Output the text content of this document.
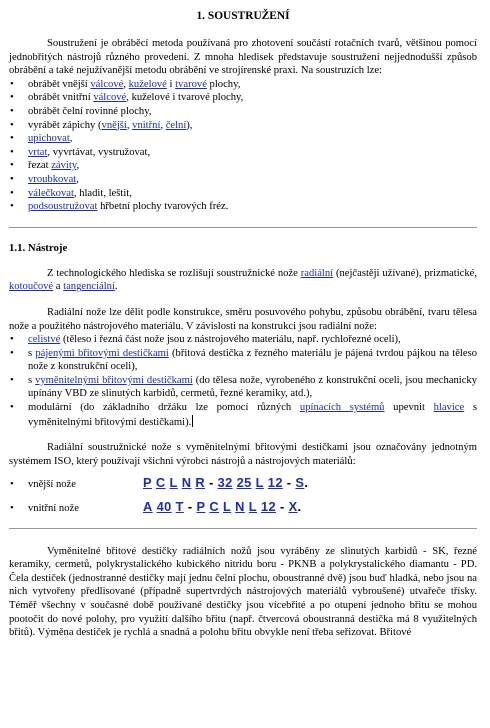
1. SOUSTRUŽENÍ

Soustružení je obráběcí metoda používaná pro zhotovení součástí rotačních tvarů, většinou pomocí jednobřitých nástrojů různého provedení. Z mnoha hledisek představuje soustružení nejjednodušší způsob obrábění a také nejužívanější metodu obrábění ve strojírenské praxi. Na soustruzích lze:

• obrábět vnější válcové, kuželové i tvarové plochy,
• obrábět vnitřní válcové, kuželové i tvarové plochy,
• obrábět čelní rovinné plochy,
• vyrábět zápichy (vnější, vnitřní, čelní),
• upichovat,
• vrtat, vyvrtávat, vystružovat,
• řezat závity,
• vroubkovat,
• válečkovat, hladit, leštit,
• podsoustružovat hřbetní plochy tvarových fréz.
1.1. Nástroje

Z technologického hlediska se rozlišují soustružnické nože radiální (nejčastěji užívané), prizmatické, kotoučové a tangenciální.

Radiální nože lze dělit podle konstrukce, směru posuvového pohybu, způsobu obrábění, tvaru tělesa nože a použitého nástrojového materiálu. V závislosti na konstrukci jsou radiální nože:

• celistvé (těleso i řezná část nože jsou z nástrojového materiálu, např. rychlořezné oceli),
• s pájenými břitovými destičkami (břitová destička z řezného materiálu je pájená tvrdou pájkou na těleso nože z konstrukční oceli),
• s vyměnitelnými břitovými destičkami (do tělesa nože, vyrobeného z konstrukční oceli, jsou mechanicky upínány VBD ze slinutých karbidů, cermetů, řezné keramiky, atd.),
• modulární (do základního držáku lze pomocí různých upínacích systémů upevnit hlavice s vyměnitelnými břitovými destičkami).

Radiální soustružnické nože s vyměnitelnými břitovými destičkami jsou označovány jednotným systémem ISO, který používají všichni výrobci nástrojů a nástrojových materiálů:

• vnější nože	P C L N R - 32 25 L 12 - S.
• vnitřní nože	A 40 T - P C L N L 12 - X.

Vyměnitelné břitové destičky radiálních nožů jsou vyráběny ze slinutých karbidů - SK, řezné keramiky, cermetů, polykrystalického kubického nitridu boru - PKNB a polykrystalického diamantu - PD. Čela destiček (jednostranné destičky mají jednu čelní plochu, oboustranné dvě) jsou buď hladká, nebo jsou na nich vytvořeny předlisované (případně supertvrdých nástrojových materiálů vybroušené) utvařeče třísky. Téměř všechny v současné době používané destičky jsou vícebřité a po otupení jednoho břitu se mohou pootočit do nové polohy, pro využití dalšího břitu (např. čtvercová oboustranná destička má 8 využitelných břitů). Výměna destiček je rychlá a snadná a polohu břitu obvykle není třeba seřizovat. Břitové
